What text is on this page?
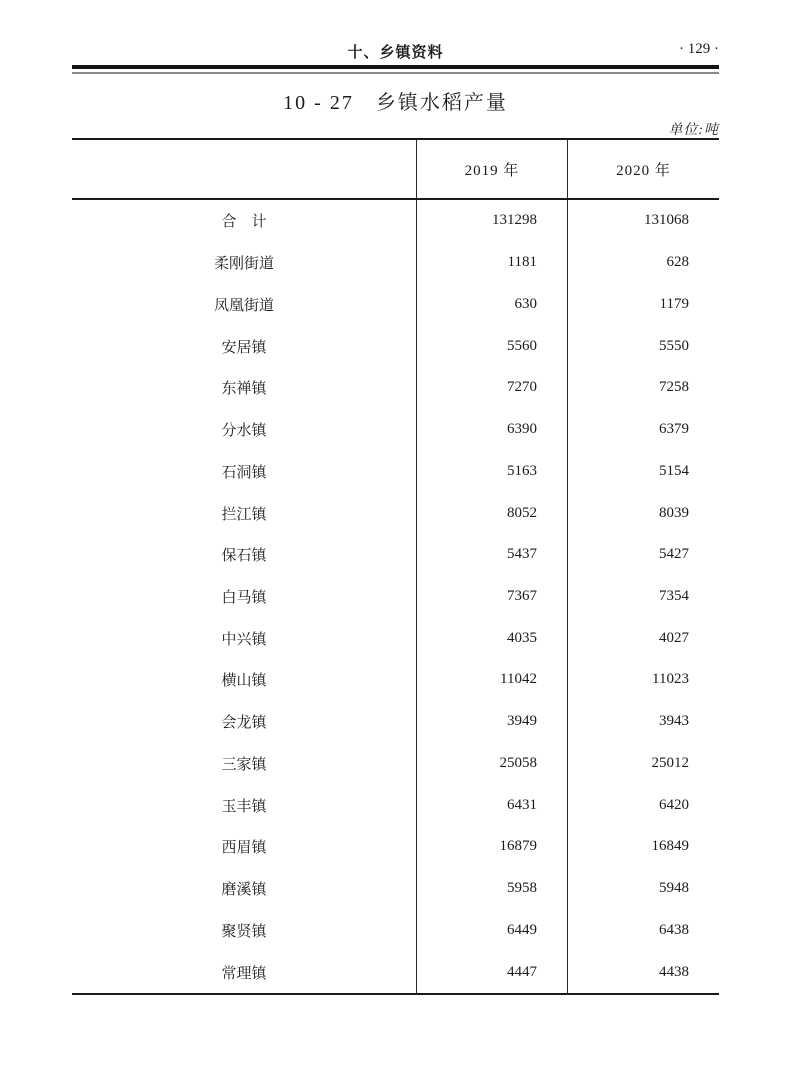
十、乡镇资料	· 129 ·
10 - 27　乡镇水稻产量
单位:吨
2019 年	2020 年
合　计	131298	131068
柔刚街道	1181	628
凤凰街道	630	1179
安居镇	5560	5550
东禅镇	7270	7258
分水镇	6390	6379
石洞镇	5163	5154
拦江镇	8052	8039
保石镇	5437	5427
白马镇	7367	7354
中兴镇	4035	4027
横山镇	11042	11023
会龙镇	3949	3943
三家镇	25058	25012
玉丰镇	6431	6420
西眉镇	16879	16849
磨溪镇	5958	5948
聚贤镇	6449	6438
常理镇	4447	4438
